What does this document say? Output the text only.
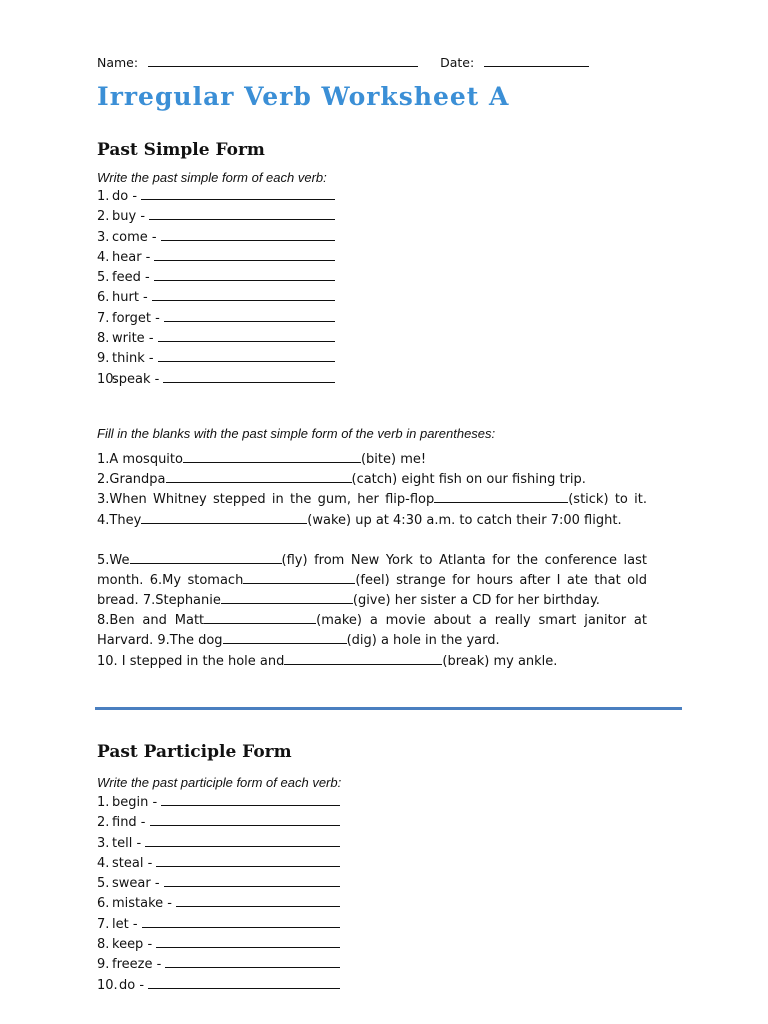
Name:	Date:
Irregular Verb Worksheet A
Past Simple Form
Write the past simple form of each verb:
1. do -
2. buy -
3. come -
4. hear -
5. feed -
6. hurt -
7. forget -
8. write -
9. think -
10.
speak -
Fill in the blanks with the past simple form of the verb in parentheses:
1.A mosquito	(bite) me!
2.Grandpa	(catch) eight fish on our fishing trip.
3.When Whitney stepped in the gum, her flip-flop	(stick) to it. 4.They	(wake) up at 4:30 a.m. to catch their 7:00 flight.
5.We	(fly) from New York to Atlanta for the conference last month. 6.My stomach	(feel) strange for hours after I ate that old bread. 7.Stephanie	(give) her sister a CD for her birthday.
8.Ben and Matt	(make) a movie about a really smart janitor at Harvard. 9.The dog	(dig) a hole in the yard.
10. I stepped in the hole and	(break) my ankle.
Past Participle Form
Write the past participle form of each verb:
1. begin -
2. find -
3. tell -
4. steal -
5. swear -
6. mistake -
7. let -
8. keep -
9. freeze -
10. do -
